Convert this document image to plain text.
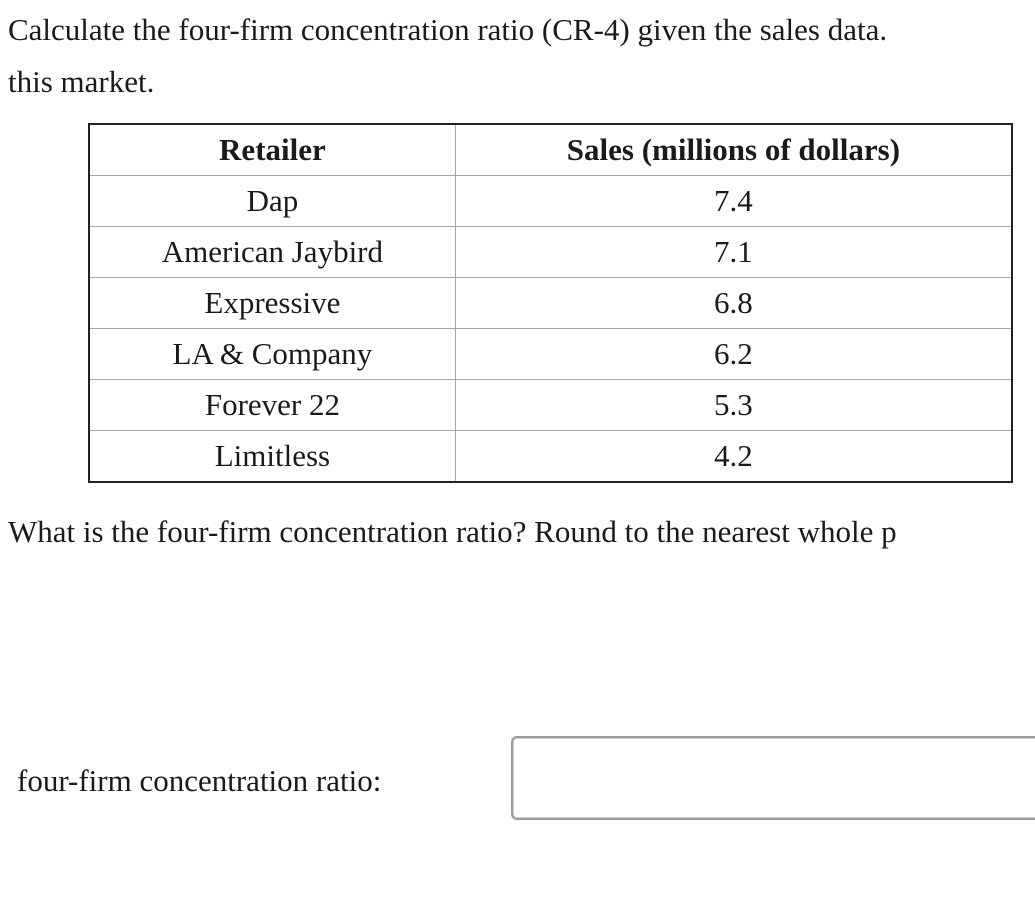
Calculate the four-firm concentration ratio (CR-4) given the sales data.
this market.
Retailer	Sales (millions of dollars)
Dap	7.4
American Jaybird	7.1
Expressive	6.8
LA & Company	6.2
Forever 22	5.3
Limitless	4.2
What is the four-firm concentration ratio? Round to the nearest whole p
four-firm concentration ratio:
